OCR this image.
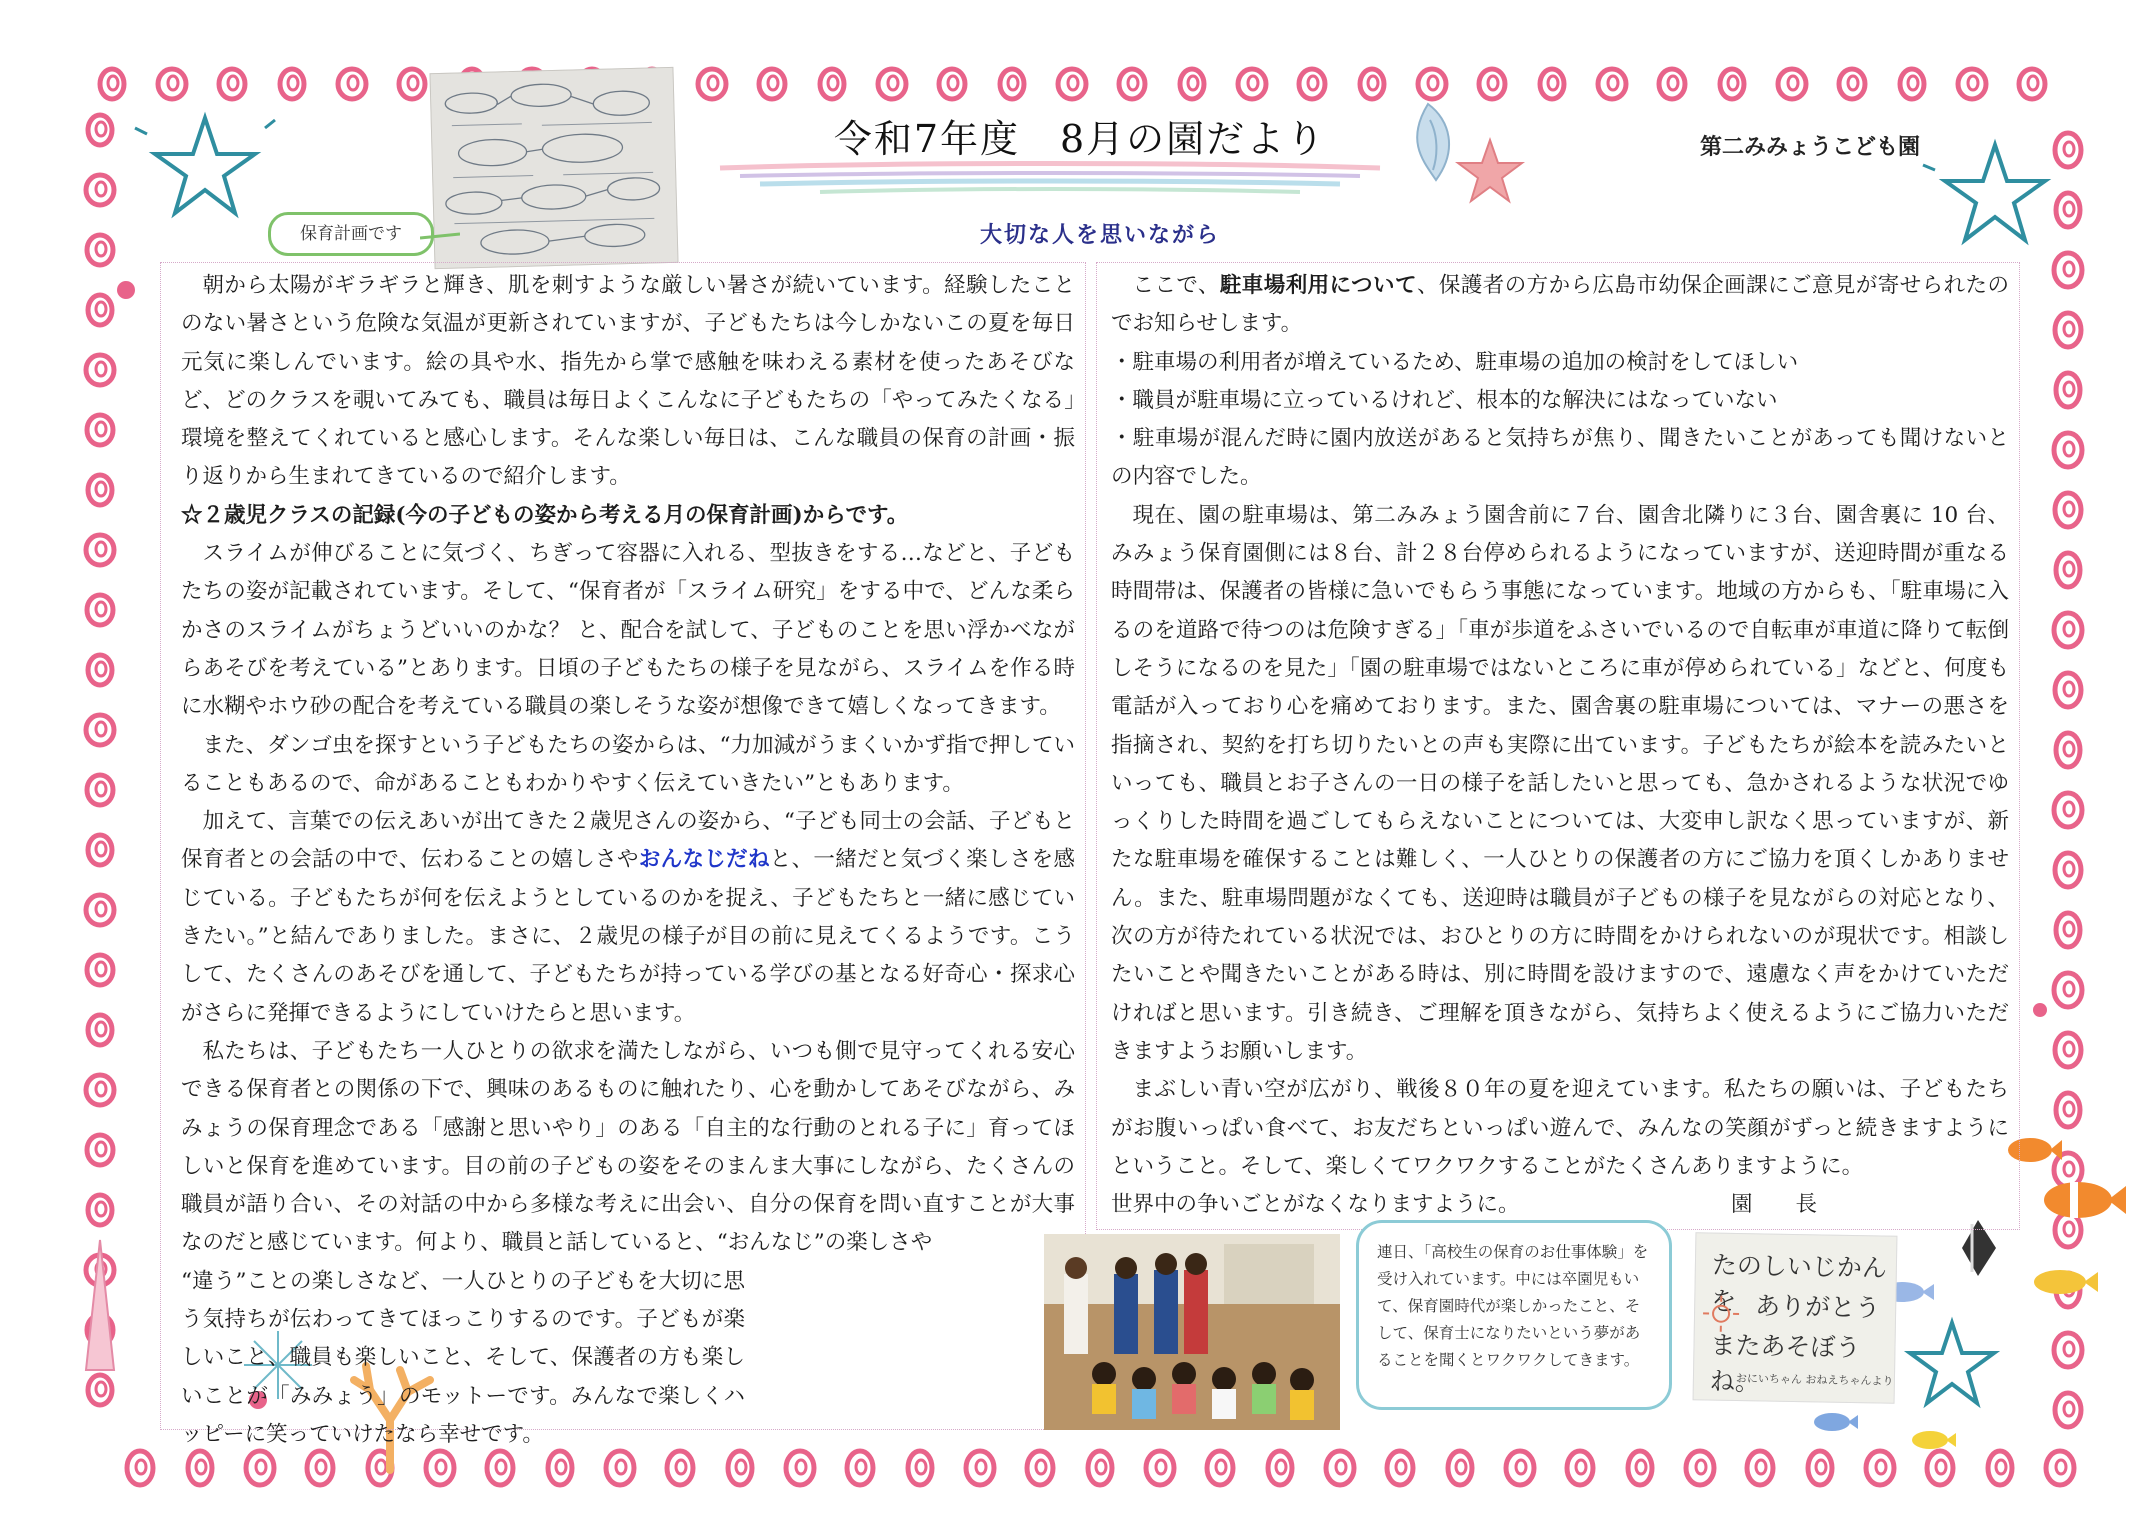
保育計画です
令和7年度　8月の園だより	第二みみょうこども園
大切な人を思いながら

朝から太陽がギラギラと輝き、肌を刺すような厳しい暑さが続いています。経験したことのない暑さという危険な気温が更新されていますが、子どもたちは今しかないこの夏を毎日元気に楽しんでいます。絵の具や水、指先から掌で感触を味わえる素材を使ったあそびなど、どのクラスを覗いてみても、職員は毎日よくこんなに子どもたちの「やってみたくなる」環境を整えてくれていると感心します。そんな楽しい毎日は、こんな職員の保育の計画・振り返りから生まれてきているので紹介します。

☆２歳児クラスの記録(今の子どもの姿から考える月の保育計画)からです。

スライムが伸びることに気づく、ちぎって容器に入れる、型抜きをする…などと、子どもたちの姿が記載されています。そして、“保育者が「スライム研究」をする中で、どんな柔らかさのスライムがちょうどいいのかな？ と、配合を試して、子どものことを思い浮かべながらあそびを考えている”とあります。日頃の子どもたちの様子を見ながら、スライムを作る時に水糊やホウ砂の配合を考えている職員の楽しそうな姿が想像できて嬉しくなってきます。

また、ダンゴ虫を探すという子どもたちの姿からは、“力加減がうまくいかず指で押していることもあるので、命があることもわかりやすく伝えていきたい”ともあります。

加えて、言葉での伝えあいが出てきた２歳児さんの姿から、“子ども同士の会話、子どもと保育者との会話の中で、伝わることの嬉しさやおんなじだねと、一緒だと気づく楽しさを感じている。子どもたちが何を伝えようとしているのかを捉え、子どもたちと一緒に感じていきたい。”と結んでありました。まさに、２歳児の様子が目の前に見えてくるようです。こうして、たくさんのあそびを通して、子どもたちが持っている学びの基となる好奇心・探求心がさらに発揮できるようにしていけたらと思います。

私たちは、子どもたち一人ひとりの欲求を満たしながら、いつも側で見守ってくれる安心できる保育者との関係の下で、興味のあるものに触れたり、心を動かしてあそびながら、みみょうの保育理念である「感謝と思いやり」のある「自主的な行動のとれる子に」育ってほしいと保育を進めています。目の前の子どもの姿をそのまんま大事にしながら、たくさんの職員が語り合い、その対話の中から多様な考えに出会い、自分の保育を問い直すことが大事なのだと感じています。何より、職員と話していると、“おんなじ”の楽しさや

“違う”ことの楽しさなど、一人ひとりの子どもを大切に思う気持ちが伝わってきてほっこりするのです。子どもが楽しいこと、職員も楽しいこと、そして、保護者の方も楽しいことが「みみょう」のモットーです。みんなで楽しくハッピーに笑っていけたなら幸せです。

ここで、駐車場利用について、保護者の方から広島市幼保企画課にご意見が寄せられたのでお知らせします。

・駐車場の利用者が増えているため、駐車場の追加の検討をしてほしい

・職員が駐車場に立っているけれど、根本的な解決にはなっていない

・駐車場が混んだ時に園内放送があると気持ちが焦り、聞きたいことがあっても聞けないとの内容でした。

現在、園の駐車場は、第二みみょう園舎前に７台、園舎北隣りに３台、園舎裏に 10 台、みみょう保育園側には８台、計２８台停められるようになっていますが、送迎時間が重なる時間帯は、保護者の皆様に急いでもらう事態になっています。地域の方からも、「駐車場に入るのを道路で待つのは危険すぎる」「車が歩道をふさいでいるので自転車が車道に降りて転倒しそうになるのを見た」「園の駐車場ではないところに車が停められている」などと、何度も電話が入っており心を痛めております。また、園舎裏の駐車場については、マナーの悪さを指摘され、契約を打ち切りたいとの声も実際に出ています。子どもたちが絵本を読みたいといっても、職員とお子さんの一日の様子を話したいと思っても、急かされるような状況でゆっくりした時間を過ごしてもらえないことについては、大変申し訳なく思っていますが、新たな駐車場を確保することは難しく、一人ひとりの保護者の方にご協力を頂くしかありません。また、駐車場問題がなくても、送迎時は職員が子どもの様子を見ながらの対応となり、次の方が待たれている状況では、おひとりの方に時間をかけられないのが現状です。相談したいことや聞きたいことがある時は、別に時間を設けますので、遠慮なく声をかけていただければと思います。引き続き、ご理解を頂きながら、気持ちよく使えるようにご協力いただきますようお願いします。

まぶしい青い空が広がり、戦後８０年の夏を迎えています。私たちの願いは、子どもたちがお腹いっぱい食べて、お友だちといっぱい遊んで、みんなの笑顔がずっと続きますようにということ。そして、楽しくてワクワクすることがたくさんありますように。

世界中の争いごとがなくなりますように。	園　　長

連日、「高校生の保育のお仕事体験」を受け入れています。中には卒園児もいて、保育園時代が楽しかったこと、そして、保育士になりたいという夢があることを聞くとワクワクしてきます。
たのしいじかんを ありがとう
またあそぼうね。
おにいちゃん おねえちゃんより
